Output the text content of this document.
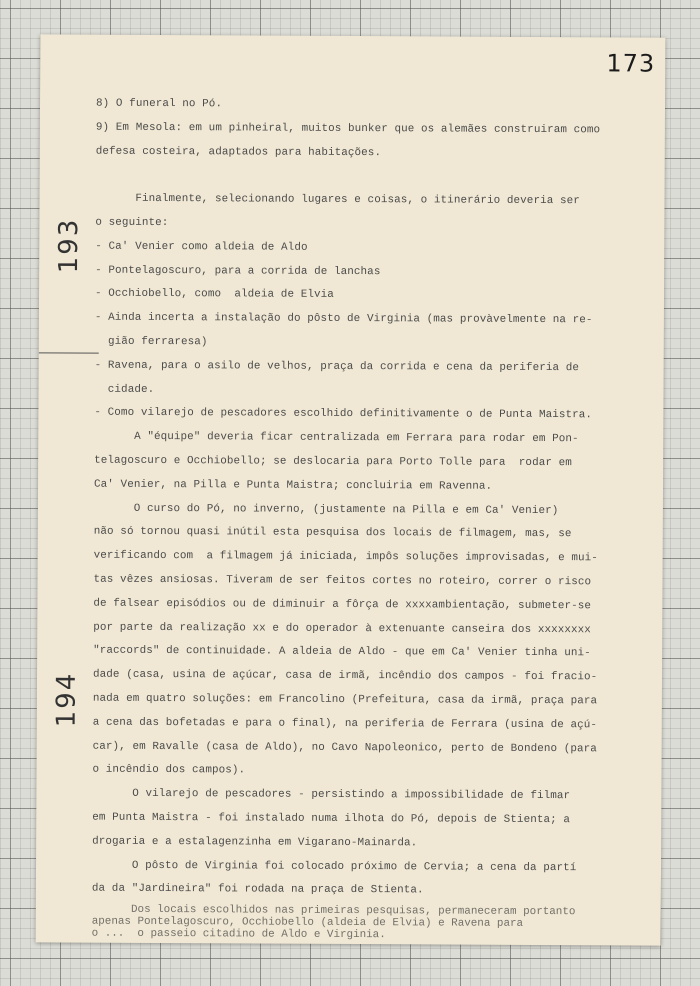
173
193
194
8) O funeral no Pó.
9) Em Mesola: em um pinheiral, muitos bunker que os alemães construiram como
defesa costeira, adaptados para habitações.
Finalmente, selecionando lugares e coisas, o itinerário deveria ser
o seguinte:
- Ca' Venier como aldeia de Aldo
- Pontelagoscuro, para a corrida de lanchas
- Occhiobello, como  aldeia de Elvia
- Ainda incerta a instalação do pôsto de Virginia (mas provàvelmente na re-
gião ferraresa)
- Ravena, para o asilo de velhos, praça da corrida e cena da periferia de
cidade.
- Como vilarejo de pescadores escolhido definitivamente o de Punta Maistra.
A "équipe" deveria ficar centralizada em Ferrara para rodar em Pon-
telagoscuro e Occhiobello; se deslocaria para Porto Tolle para  rodar em
Ca' Venier, na Pilla e Punta Maistra; concluiria em Ravenna.
O curso do Pó, no inverno, (justamente na Pilla e em Ca' Venier)
não só tornou quasi inútil esta pesquisa dos locais de filmagem, mas, se
verificando com  a filmagem já iniciada, impôs soluções improvisadas, e mui-
tas vêzes ansiosas. Tiveram de ser feitos cortes no roteiro, correr o risco
de falsear episódios ou de diminuir a fôrça de xxxxambientação, submeter-se
por parte da realização xx e do operador à extenuante canseira dos xxxxxxxx
"raccords" de continuidade. A aldeia de Aldo - que em Ca' Venier tinha uni-
dade (casa, usina de açúcar, casa de irmã, incêndio dos campos - foi fracio-
nada em quatro soluções: em Francolino (Prefeitura, casa da irmã, praça para
a cena das bofetadas e para o final), na periferia de Ferrara (usina de açú-
car), em Ravalle (casa de Aldo), no Cavo Napoleonico, perto de Bondeno (para
o incêndio dos campos).
O vilarejo de pescadores - persistindo a impossibilidade de filmar
em Punta Maistra - foi instalado numa ilhota do Pó, depois de Stienta; a
drogaria e a estalagenzinha em Vigarano-Mainarda.
O pôsto de Virginia foi colocado próximo de Cervia; a cena da partí
da da "Jardineira" foi rodada na praça de Stienta.
Dos locais escolhidos nas primeiras pesquisas, permaneceram portanto
apenas Pontelagoscuro, Occhiobello (aldeia de Elvia) e Ravena para
o ...  o passeio citadino de Aldo e Virginia.
